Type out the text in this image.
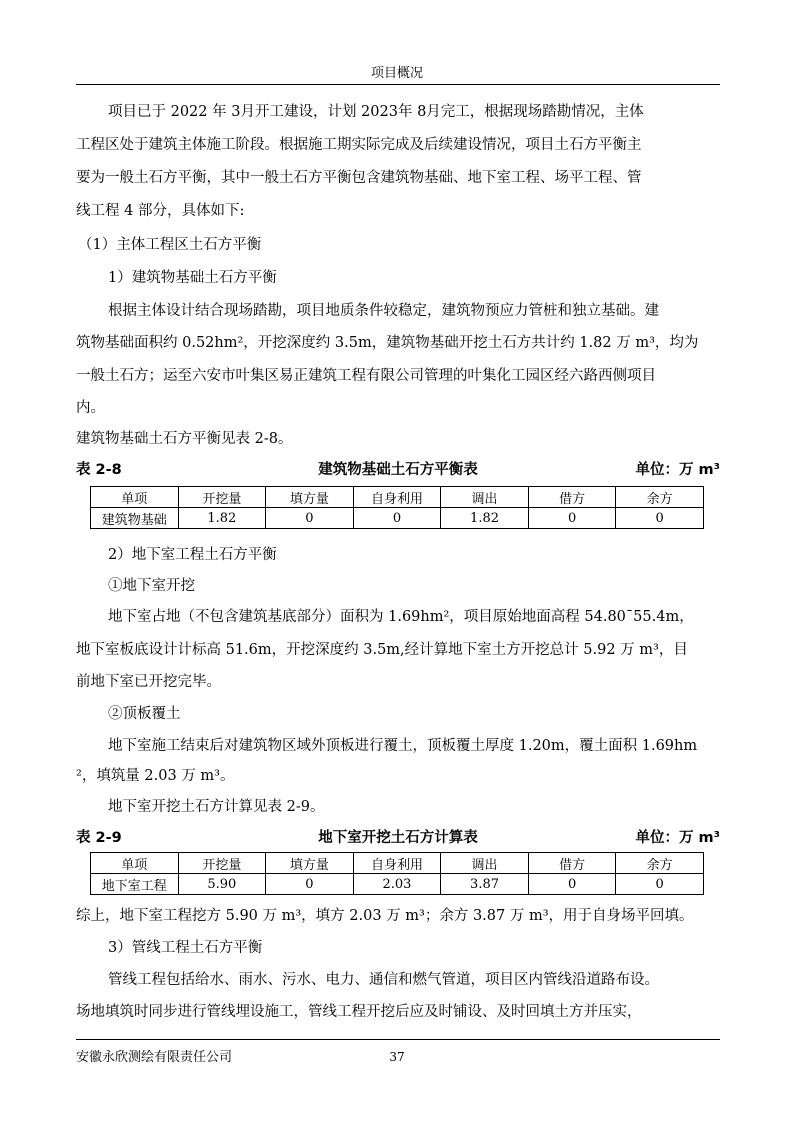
项目概况
项目已于 2022 年 3月开工建设，计划 2023年 8月完工，根据现场踏勘情况，主体
工程区处于建筑主体施工阶段。根据施工期实际完成及后续建设情况，项目土石方平衡主
要为一般土石方平衡，其中一般土石方平衡包含建筑物基础、地下室工程、场平工程、管
线工程 4 部分，具体如下:
（1）主体工程区土石方平衡
1）建筑物基础土石方平衡
根据主体设计结合现场踏勘，项目地质条件较稳定，建筑物预应力管桩和独立基础。建
筑物基础面积约 0.52hm²，开挖深度约 3.5m，建筑物基础开挖土石方共计约 1.82 万 m³，均为
一般土石方；运至六安市叶集区易正建筑工程有限公司管理的叶集化工园区经六路西侧项目
内。
建筑物基础土石方平衡见表 2-8。
表 2-8	建筑物基础土石方平衡表	单位：万 m³
单项	开挖量	填方量	自身利用	调出	借方	余方
建筑物基础	1.82	0	0	1.82	0	0
2）地下室工程土石方平衡
①地下室开挖
地下室占地（不包含建筑基底部分）面积为 1.69hm²，项目原始地面高程 54.80¯55.4m，
地下室板底设计计标高 51.6m，开挖深度约 3.5m,经计算地下室土方开挖总计 5.92 万 m³，目
前地下室已开挖完毕。
②顶板覆土
地下室施工结束后对建筑物区域外顶板进行覆土，顶板覆土厚度 1.20m，覆土面积 1.69hm
²，填筑量 2.03 万 m³。
地下室开挖土石方计算见表 2-9。
表 2-9	地下室开挖土石方计算表	单位：万 m³
单项	开挖量	填方量	自身利用	调出	借方	余方
地下室工程	5.90	0	2.03	3.87	0	0
综上，地下室工程挖方 5.90 万 m³，填方 2.03 万 m³；余方 3.87 万 m³，用于自身场平回填。
3）管线工程土石方平衡
管线工程包括给水、雨水、污水、电力、通信和燃气管道，项目区内管线沿道路布设。
场地填筑时同步进行管线埋设施工，管线工程开挖后应及时铺设、及时回填土方并压实，
安徽永欣测绘有限责任公司	37
